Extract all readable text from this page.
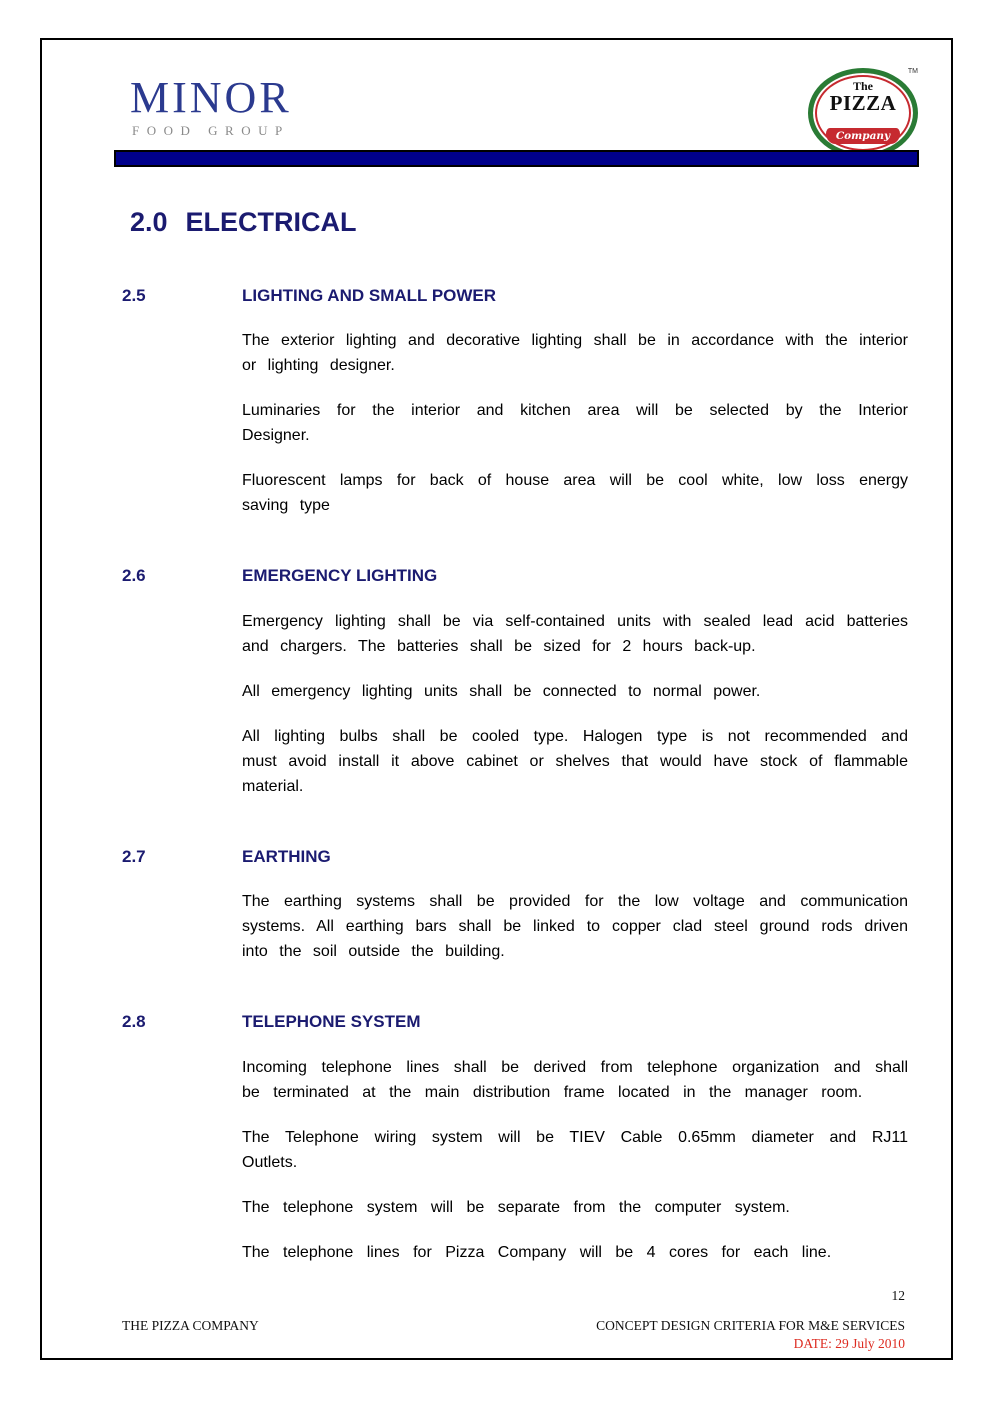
MINOR
FOOD GROUP
The
PIZZA
Company
TM
2.0 ELECTRICAL
2.5	LIGHTING AND SMALL POWER

The exterior lighting and decorative lighting shall be in accordance with the interior or lighting designer.

Luminaries for the interior and kitchen area will be selected by the Interior Designer.

Fluorescent lamps for back of house area will be cool white, low loss energy saving type

2.6	EMERGENCY LIGHTING

Emergency lighting shall be via self-contained units with sealed lead acid batteries and chargers. The batteries shall be sized for 2 hours back-up.

All emergency lighting units shall be connected to normal power.

All lighting bulbs shall be cooled type. Halogen type is not recommended and must avoid install it above cabinet or shelves that would have stock of flammable material.

2.7	EARTHING

The earthing systems shall be provided for the low voltage and communication systems. All earthing bars shall be linked to copper clad steel ground rods driven into the soil outside the building.

2.8	TELEPHONE SYSTEM

Incoming telephone lines shall be derived from telephone organization and shall be terminated at the main distribution frame located in the manager room.

The Telephone wiring system will be TIEV Cable 0.65mm diameter and RJ11 Outlets.

The telephone system will be separate from the computer system.

The telephone lines for Pizza Company will be 4 cores for each line.

12
THE PIZZA COMPANY	CONCEPT DESIGN CRITERIA FOR M&E SERVICES
DATE: 29 July 2010
